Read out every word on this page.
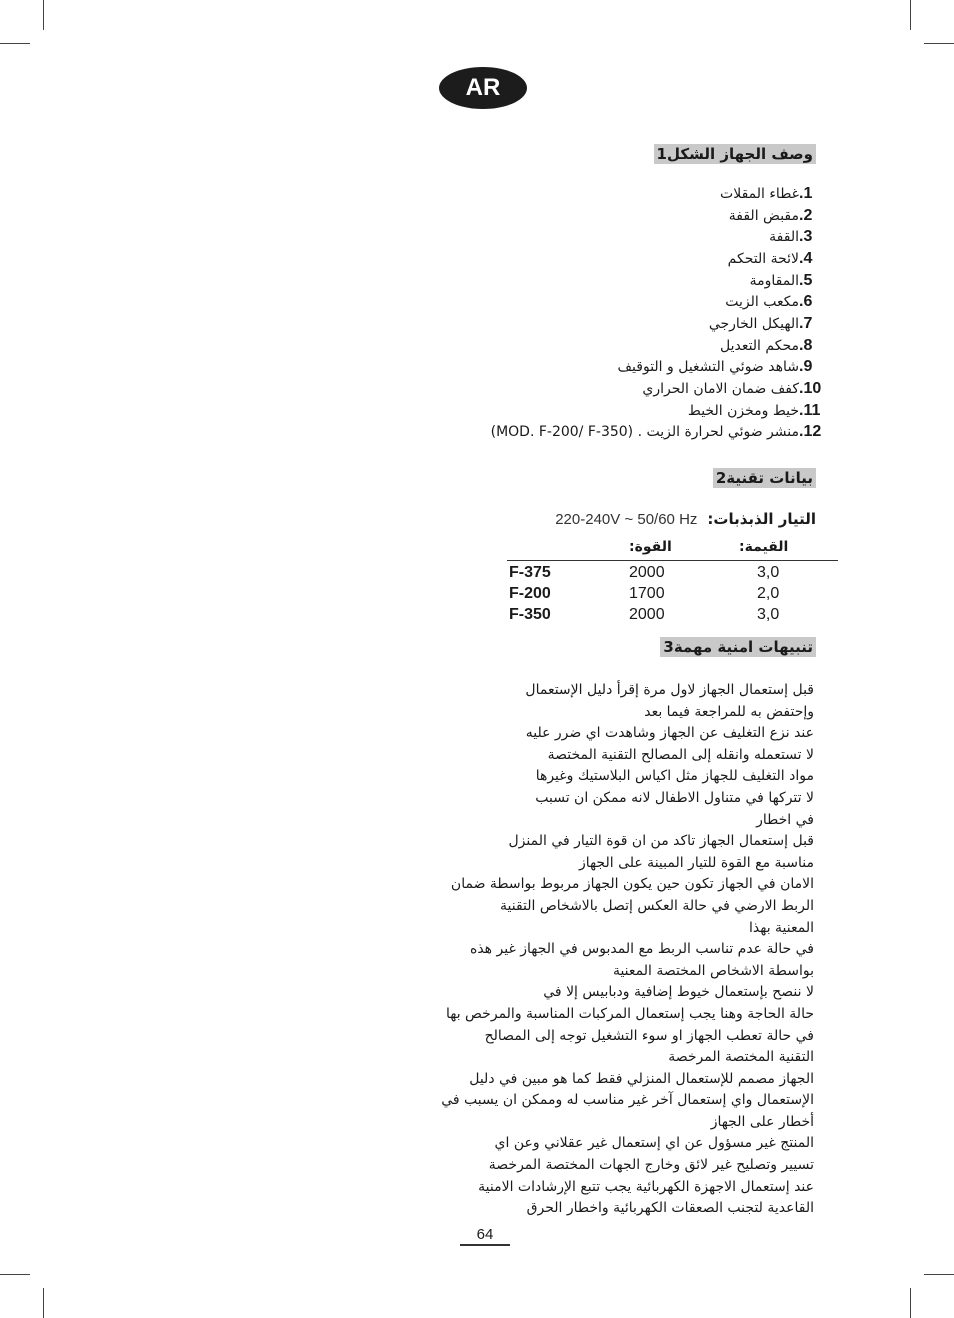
AR
وصف الجهاز الشكل1
.1
غطاء المقلات
.2
مقبض القفة
.3
القفة
.4
لائحة التحكم
.5
المقاومة
.6
مكعب الزيت
.7
الهيكل الخارجي
.8
محكم التعديل
.9
شاهد ضوئي التشغيل و التوقيف
.10
كفف ضمان الامان الحراري
.11
خيط ومخزن الخيط
.12
منشر ضوئي لحرارة الزيت . (MOD. F-200/ F-350)
بيانات تقنية2
التيار الذبذبات:
220-240V ~ 50/60 Hz
القوة:	القيمة:
F-375	2000	3,0
F-200	1700	2,0
F-350	2000	3,0
تنبيهات امنية مهمة3
قبل إستعمال الجهاز لاول مرة إقرأ دليل الإستعمال
وإحتفض به للمراجعة فيما بعد
عند نزع التغليف عن الجهاز وشاهدت اي ضرر عليه
لا تستعمله وانقله إلى المصالح التقنية المختصة
مواد التغليف للجهاز مثل اكياس البلاستيك وغيرها
لا تتركها في متناول الاطفال لانه ممكن ان تسبب
في اخطار
قبل إستعمال الجهاز تاكد من ان قوة التيار في المنزل
مناسبة مع القوة للتيار المبينة على الجهاز
الامان في الجهاز تكون حين يكون الجهاز مربوط بواسطة ضمان
الربط الارضي في حالة العكس إتصل بالاشخاص التقنية
المعنية بهذا
في حالة عدم تناسب الربط مع المدبوس في الجهاز غير هذه
بواسطة الاشخاص المختصة المعنية
لا ننصح بإستعمال خيوط إضافية ودبابيس إلا في
حالة الحاجة وهنا يجب إستعمال المركبات المناسبة والمرخص بها
في حالة تعطب الجهاز او سوء التشغيل توجه إلى المصالح
التقنية المختصة المرخصة
الجهاز مصمم للإستعمال المنزلي فقط كما هو مبين في دليل
الإستعمال واي إستعمال آخر غير مناسب له وممكن ان يسبب في
أخطار على الجهاز
المنتج غير مسؤول عن اي إستعمال غير عقلاني وعن اي
تسيير وتصليح غير لائق وخارج الجهات المختصة المرخصة
عند إستعمال الاجهزة الكهربائية يجب تتبع الإرشادات الامنية
القاعدية لتجنب الصعقات الكهربائية واخطار الحرق
64
